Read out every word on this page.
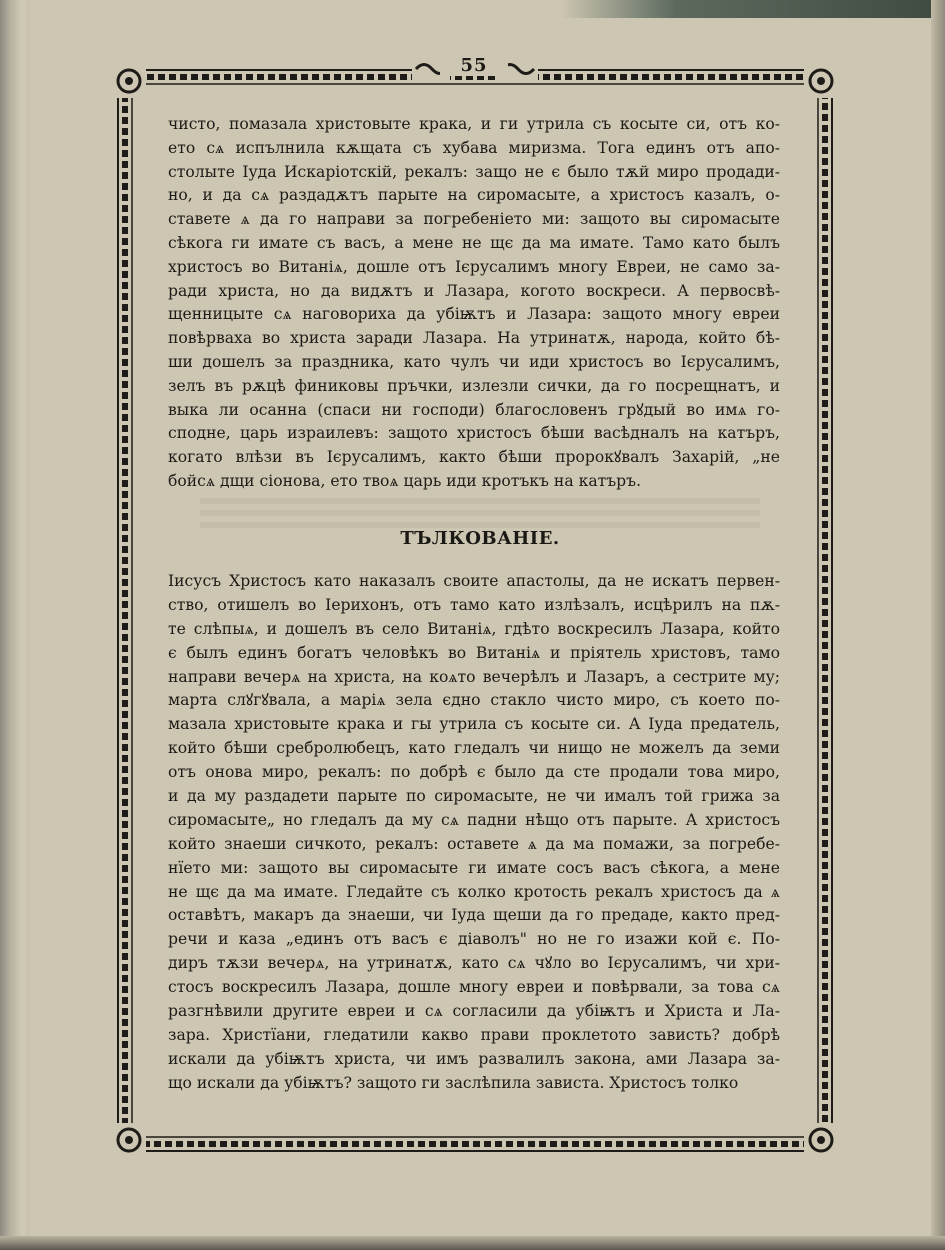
55
чисто, помазала христовыте крака, и ги утрила съ косыте си, отъ ко-
ето сѧ испълнила кѫщата съ хубава миризма. Тога единъ отъ апо-
столыте Іуда Искаріотскій, рекалъ: защо не є было тѫй миро продади-
но, и да сѧ раздадѫтъ парыте на сиромасыте, а христосъ казалъ, о-
ставете ѧ да го направи за погребеніето ми: защото вы сиромасыте
сѣкога ги имате съ васъ, а мене не щє да ма имате. Тамо като былъ
христосъ во Витаніѧ, дошле отъ Ієрусалимъ многу Евреи, не само за-
ради христа, но да видѫтъ и Лазара, когото воскреси. А первосвѣ-
щенницыте сѧ наговориха да убіѭтъ и Лазара: защото многу евреи
повѣрваха во христа заради Лазара. На утринатѫ, народа, който бѣ-
ши дошелъ за праздника, като чулъ чи иди христосъ во Ієрусалимъ,
зелъ въ рѫцѣ финиковы пръчки, излезли сички, да го посрещнатъ, и
выка ли осанна (спаси ни господи) благословенъ грꙋдый во имѧ го-
сподне, царь израилевъ: защото христосъ бѣши васѣдналъ на катъръ,
когато влѣзи въ Ієрусалимъ, както бѣши пророкꙋвалъ Захарій, „не
бойсѧ дщи сіонова, ето твоѧ царь иди кротъкъ на катъръ.
ТЪЛКОВАНІЕ.
Іисусъ Христосъ като наказалъ своите апастолы, да не искатъ первен-
ство, отишелъ во Іерихонъ, отъ тамо като излѣзалъ, исцѣрилъ на пѫ-
те слѣпыѧ, и дошелъ въ село Витаніѧ, гдѣто воскресилъ Лазара, който
є былъ единъ богатъ человѣкъ во Витаніѧ и пріятель христовъ, тамо
направи вечерѧ на христа, на коѧто вечерѣлъ и Лазаръ, а сестрите му;
марта слꙋгꙋвала, а маріѧ зела єдно стакло чисто миро, съ което по-
мазала христовыте крака и гы утрила съ косыте си. А Іуда предатель,
който бѣши сребролюбецъ, като гледалъ чи нищо не можелъ да земи
отъ онова миро, рекалъ: по добрѣ є было да сте продали това миро,
и да му раздадети парыте по сиромасыте, не чи ималъ той грижа за
сиромасыте„ но гледалъ да му сѧ падни нѣщо отъ парыте. А христосъ
който знаеши сичкото, рекалъ: оставете ѧ да ма помажи, за погребе-
нїето ми: защото вы сиромасыте ги имате сосъ васъ сѣкога, а мене
не щє да ма имате. Гледайте съ колко кротость рекалъ христосъ да ѧ
оставѣтъ, макаръ да знаеши, чи Іуда щеши да го предаде, както пред-
речи и каза „единъ отъ васъ є діаволъ" но не го изажи кой є. По-
диръ тѫзи вечерѧ, на утринатѫ, като сѧ чꙋло во Ієрусалимъ, чи хри-
стосъ воскресилъ Лазара, дошле многу евреи и повѣрвали, за това сѧ
разгнѣвили другите евреи и сѧ согласили да убіѭтъ и Христа и Ла-
зара. Христїани, гледатили какво прави проклетото зависть? добрѣ
искали да убіѭтъ христа, чи имъ развалилъ закона, ами Лазара за-
що искали да убіѭтъ? защото ги заслѣпила зависта. Христосъ толко
